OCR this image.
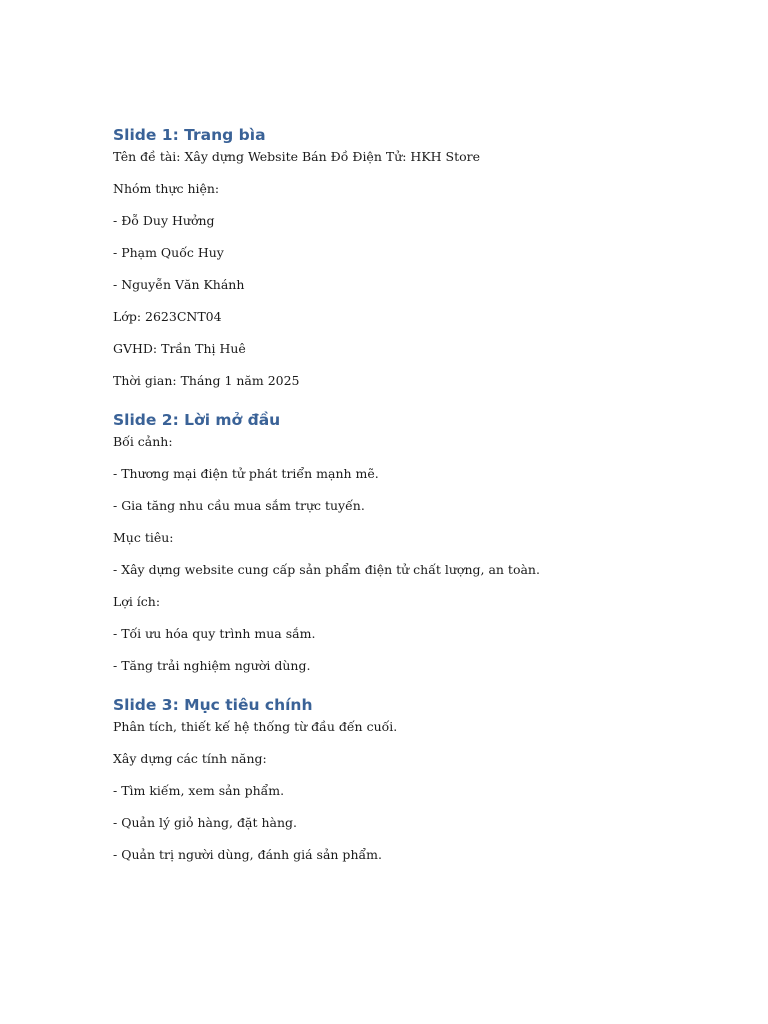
Slide 1: Trang bìa

Tên đề tài: Xây dựng Website Bán Đồ Điện Tử: HKH Store

Nhóm thực hiện:

- Đỗ Duy Hưởng

- Phạm Quốc Huy

- Nguyễn Văn Khánh

Lớp: 2623CNT04

GVHD: Trần Thị Huê

Thời gian: Tháng 1 năm 2025

Slide 2: Lời mở đầu

Bối cảnh:

- Thương mại điện tử phát triển mạnh mẽ.

- Gia tăng nhu cầu mua sắm trực tuyến.

Mục tiêu:

- Xây dựng website cung cấp sản phẩm điện tử chất lượng, an toàn.

Lợi ích:

- Tối ưu hóa quy trình mua sắm.

- Tăng trải nghiệm người dùng.

Slide 3: Mục tiêu chính

Phân tích, thiết kế hệ thống từ đầu đến cuối.

Xây dựng các tính năng:

- Tìm kiếm, xem sản phẩm.

- Quản lý giỏ hàng, đặt hàng.

- Quản trị người dùng, đánh giá sản phẩm.
